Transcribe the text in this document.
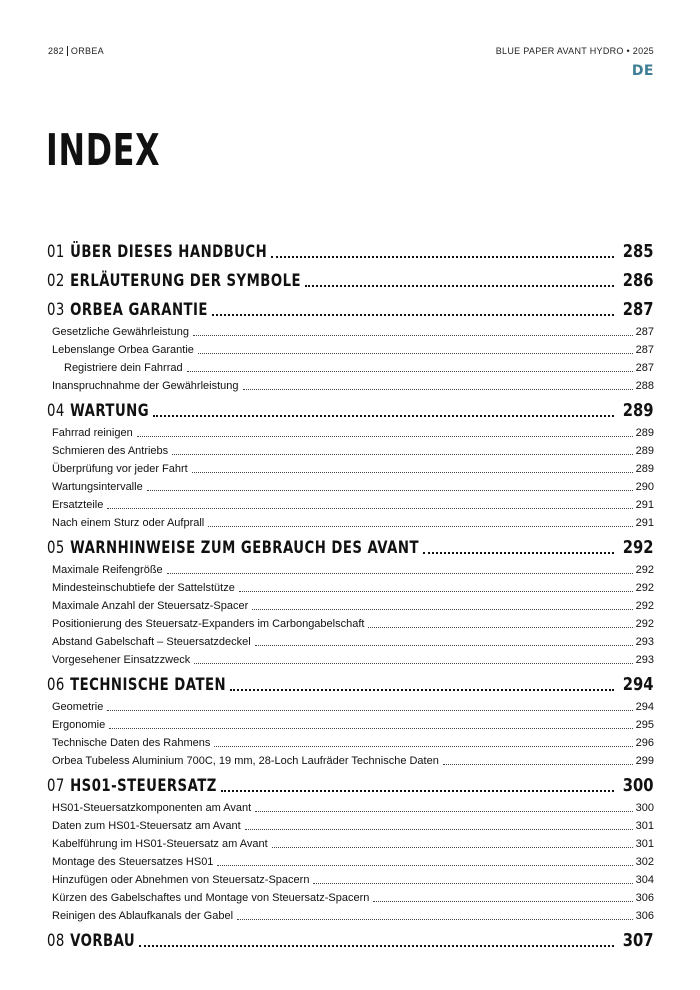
282 ORBEA	BLUE PAPER AVANT HYDRO • 2025
DE
INDEX
01 ÜBER DIESES HANDBUCH	285
02 ERLÄUTERUNG DER SYMBOLE	286
03 ORBEA GARANTIE	287
Gesetzliche Gewährleistung	287
Lebenslange Orbea Garantie	287
Registriere dein Fahrrad	287
Inanspruchnahme der Gewährleistung	288
04 WARTUNG	289
Fahrrad reinigen	289
Schmieren des Antriebs	289
Überprüfung vor jeder Fahrt	289
Wartungsintervalle	290
Ersatzteile	291
Nach einem Sturz oder Aufprall	291
05 WARNHINWEISE ZUM GEBRAUCH DES AVANT	292
Maximale Reifengröße	292
Mindesteinschubtiefe der Sattelstütze	292
Maximale Anzahl der Steuersatz-Spacer	292
Positionierung des Steuersatz-Expanders im Carbongabelschaft	292
Abstand Gabelschaft – Steuersatzdeckel	293
Vorgesehener Einsatzzweck	293
06 TECHNISCHE DATEN	294
Geometrie	294
Ergonomie	295
Technische Daten des Rahmens	296
Orbea Tubeless Aluminium 700C, 19 mm, 28-Loch Laufräder Technische Daten	299
07 HS01-STEUERSATZ	300
HS01-Steuersatzkomponenten am Avant	300
Daten zum HS01-Steuersatz am Avant	301
Kabelführung im HS01-Steuersatz am Avant	301
Montage des Steuersatzes HS01	302
Hinzufügen oder Abnehmen von Steuersatz-Spacern	304
Kürzen des Gabelschaftes und Montage von Steuersatz-Spacern	306
Reinigen des Ablaufkanals der Gabel	306
08 VORBAU	307
